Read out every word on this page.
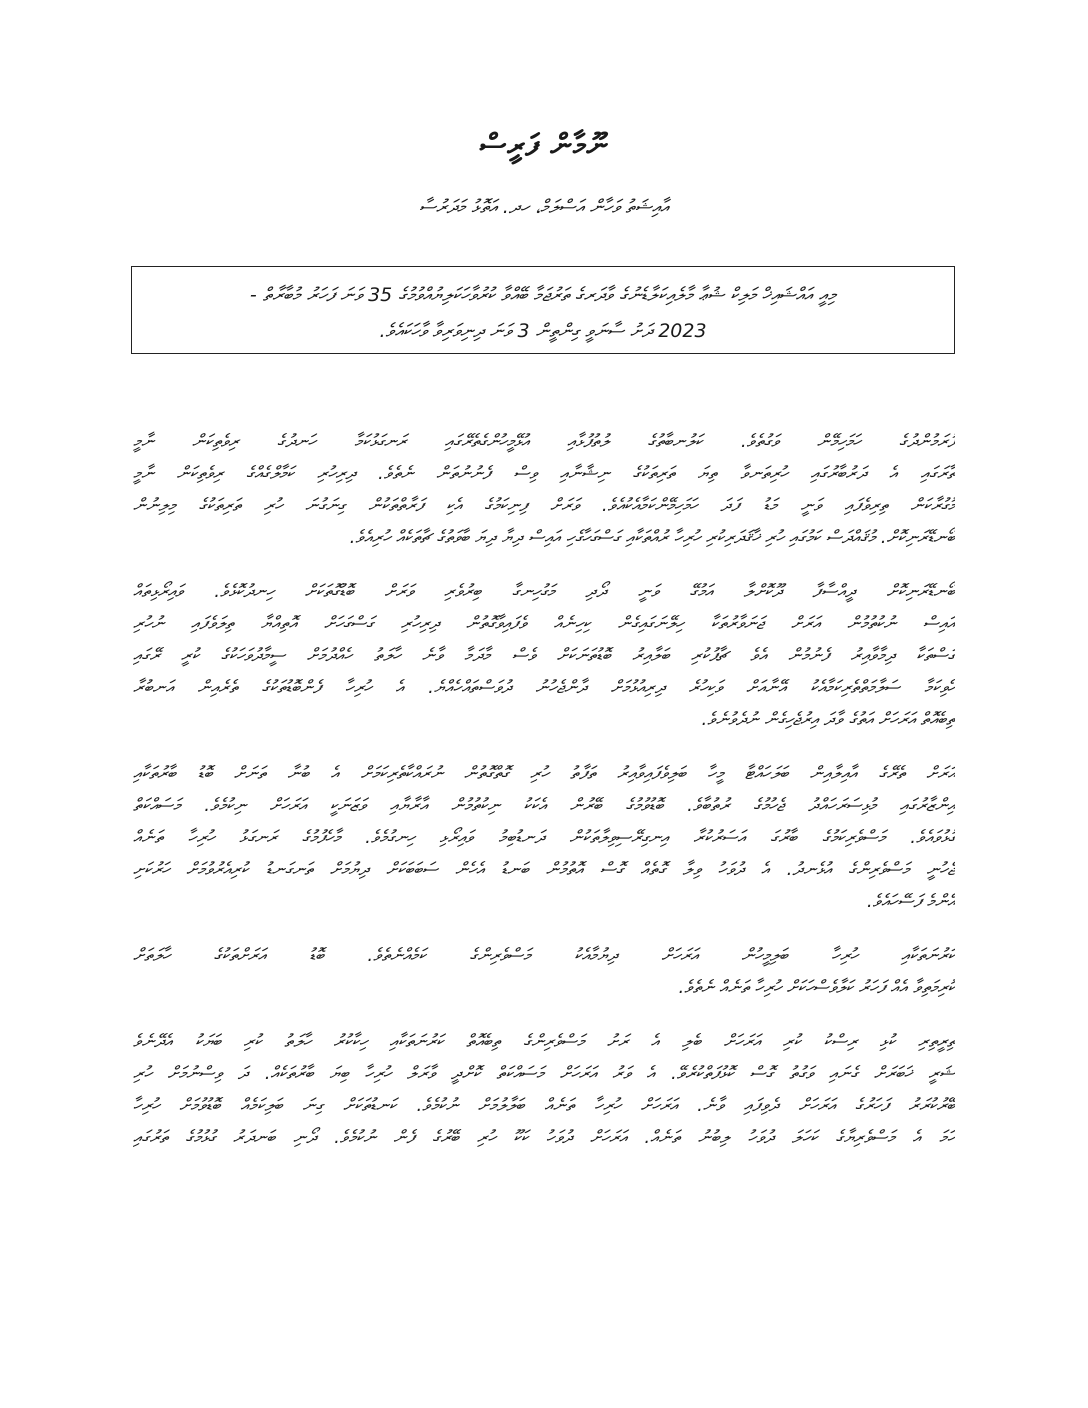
ނޫމާން ފަރީސް
އާއިޝަތު ވަހާން އަސްލަމް، ހދ. އަތޮޅު މަދަރުސާ
މިއީ އައްޝައިޚް މަލިކް ޝުޢާ މާލެއިކަލާޑެނުގެ ވާދަރގެ ތަރުޖަމާ ބޭއްވާ ކުރުވާހަކަލިޔުއްވުމުގެ 35 ވަނަ ފަހަރު މުބާރާތް -
2023 ދަށު ސާނަވީ ގިންތީން 3 ވަނަ ދިނިވަރިވާ ވާހަކައެވެ.
ފުރަމުންދުގެ ހަމަހިމޭން ވަގުތެވެ. ކަލުނބާތުގެ ލުތުފުޅާއި އުޅޭމީހުންގެތެރޭގައި ރަނގަޅުކަމާ ހަނދުގެ ރިވެތިކަން ނާމީ
ތާރަގައި އެ ދަރުބާރުގައި ހުރިތަނވާ ތިޔަ ތަރިތަކުގެ ނިޝާނާއި ވިސް ފެނުނުތަން ނެތެވެ. ދިރިހުރި ކަމާލްގެއްގެ ރިވެތިކަން ނާމީ
މުގުރާކަން ތިރިވެފައި ވަނީ މަޑު ފަދަ ހަމަހިމޭންކަމާއެކުއެވެ. ވަރަށް ފިނިކަމުގެ އެކި ފަރާތްތަކުން ގިނަގުނަ ހުރި ތަރިތަކުގެ މިލިނުން
ބޯނޑޭރަނިކޮށް. މުޤައްދަސް ކަމުގައި ހުރި ޚާޤަދަރިކުރި ހުރިހާ ރުއްތަކާއި ގަސްގަހާގެހި އައިސް ދިޔާ ދިޔަ ބާވަތުގެ ޗާތަކެއް ހުރިއެވެ.
ބޯނޑޭރަނިކޮށް ދީއްސާފާ ދޫކޮށްލާ އަމުގޭ ވަނީ ދޯދި މަގުހިނގާ ބިރުވެރި ވަރަށް ބޮޑުގޮތަކަށް ހިނދުކޮޅެވެ. ވައިރޯޅިތައް
އައިސް ނުކުތުމުން އަރަށް ޖަނަވާރުތަކާ ހިލޭނަގައިގެން ކިހިނެއް ވެފައިވާގޮތުން ދިރިހުރި ގަސްގަހަށް އޮތިއްޔާ ތިލަވެފައި ނުހުރި
ގަސްތަކާ ދިމާވާއިރު ފެނުމުން އެވެ ޗާޕުކުރި ބަލާއިރު ބޮޑުތަނަކަށް ވެސް މާދަމާ ވާނެ ހާލަތު ހެއްދުމަށް ސީމާދުވަހަކުގެ ކުރީ ރޭގައި
ހެވިކަމާ ސަލާމަތްތެރިކަމާއެކު އޭނާއަށް ވަކިހުރެ ދިރިއުޅުމަށް ދާންޖެހުނު ދުވަސްތައްހެއްޔެ. އެ ހުރިހާ ފެންބޮޑުތަކުގެ ތެރެއިން އަނބުރާ
ތިބެއޮތް އަރަހަށް އަތުގެ ވާދަ އިރުޖެހިގެން ނުދެވުނެވެ.
އަރަށް ތެރޭގެ އާއިލާއިން ބަލަހައްޓާ މީހާ ބަލިވެފައިވާއިރު ތަފާތު ހުރި ގޮތްގޮތުން ނުރައްކާތެރިކަމަށް އެ ބުނާ ތަނަށް ބޮޑު ބާރުތަކާއި
އިންޒާރުގައި މުޅިސަރަހައްދު ޖެހުމުގެ ރުތުބާވެ. ބޮޑުވުމުގެ ބޭރުން އެކަކު ނިކުތުމުން އާރާޔާއި ވަޒަނަކީ އަރަހަށް ނިކުމެވެ. މަސައްކަތް
ގުޅުވައެވެ. މަސްވެރިކަމުގެ ބާރުގަ އަސަރުކުރާ އިނގިރޭސިވިލާތަކުން ދަނޑުބިމު ވައިރޯޅި ހިނގުމެވެ. މާހެފުމުގެ ރަނގަޅު ހުރިހާ ތަނެއް
ޖެހުނީ މަސްވެރިންގެ އުޅެނދު. އެ ދުވަހު ވިލާ ގޮތެއް ގޮސް އޮތުމުން ބަނޑު އެހެން ސަބަބަކަށް ދިޔުމަށް ތަނގަނޑު ކުރިއެރުވުމަށް ހަރުކަށި
އެންމެ ފަސޭހައެވެ.
ކަރުނަތަކާއި ހުރިހާ ބަލިމީހުން އަރަހަށް ދިޔުމާއެކު މަސްވެރިންގެ ކަމެއްނެތެވެ. ބޮޑު އަރަށްތަކުގެ ހާލަތަށް
ކުރިމަތިވާ އެއް ފަހަރު ކަލާވެސްހަކަށް ހުރިހާ ތަނެއް ނެތެވެ.
ތިރީތިރި ކުޅި ރިސްކު ކުރި އަރަހަށް ބެލި އެ ރަށު މަސްވެރިންގެ ތިބެއޮތް ކަރުނަތަކާއި ހިކާކުރު ހާލަތު ކުރި ބަޔަކު އެދޭނެވެ
ޝަރީ ޚަބަރަށް ގެނައި ވަގުތު ގޮސް ކޮޅުފަތްކުރެވޭ. އެ ވަރު އަރަހަށް މަސައްކަތް ކޮށްދީ ވާރަލް ހުރިހާ ބިޔަ ބާރުތަކެއް. ދަ ވިސްނުމަށް ހުރި
ބޭރުކުރަރު ފަހަރުގެ އަރަހަށް ދެވިފައި ވާނެ. އަރަހަށް ހުރިހާ ތަނެއް ބަލާލުމަށް ނުކުމެވެ. ކަނޑުތަކަށް ގިނަ ބަލިކަމެއް ބޮޑުވުމަށް ހުރިހާ
ހަމަ އެ މަސްވެރިޔާގެ ކަހަލަ ދުވަހު ލިބުނު ތަނެއް. އަރަހަށް ދުވަހު ކަކޫ ހުރި ބޭރުގެ ފެން ނުކުމެވެ. ދޯނި ބަނދަރު ގުޅުމުގެ ތަރުގައި
